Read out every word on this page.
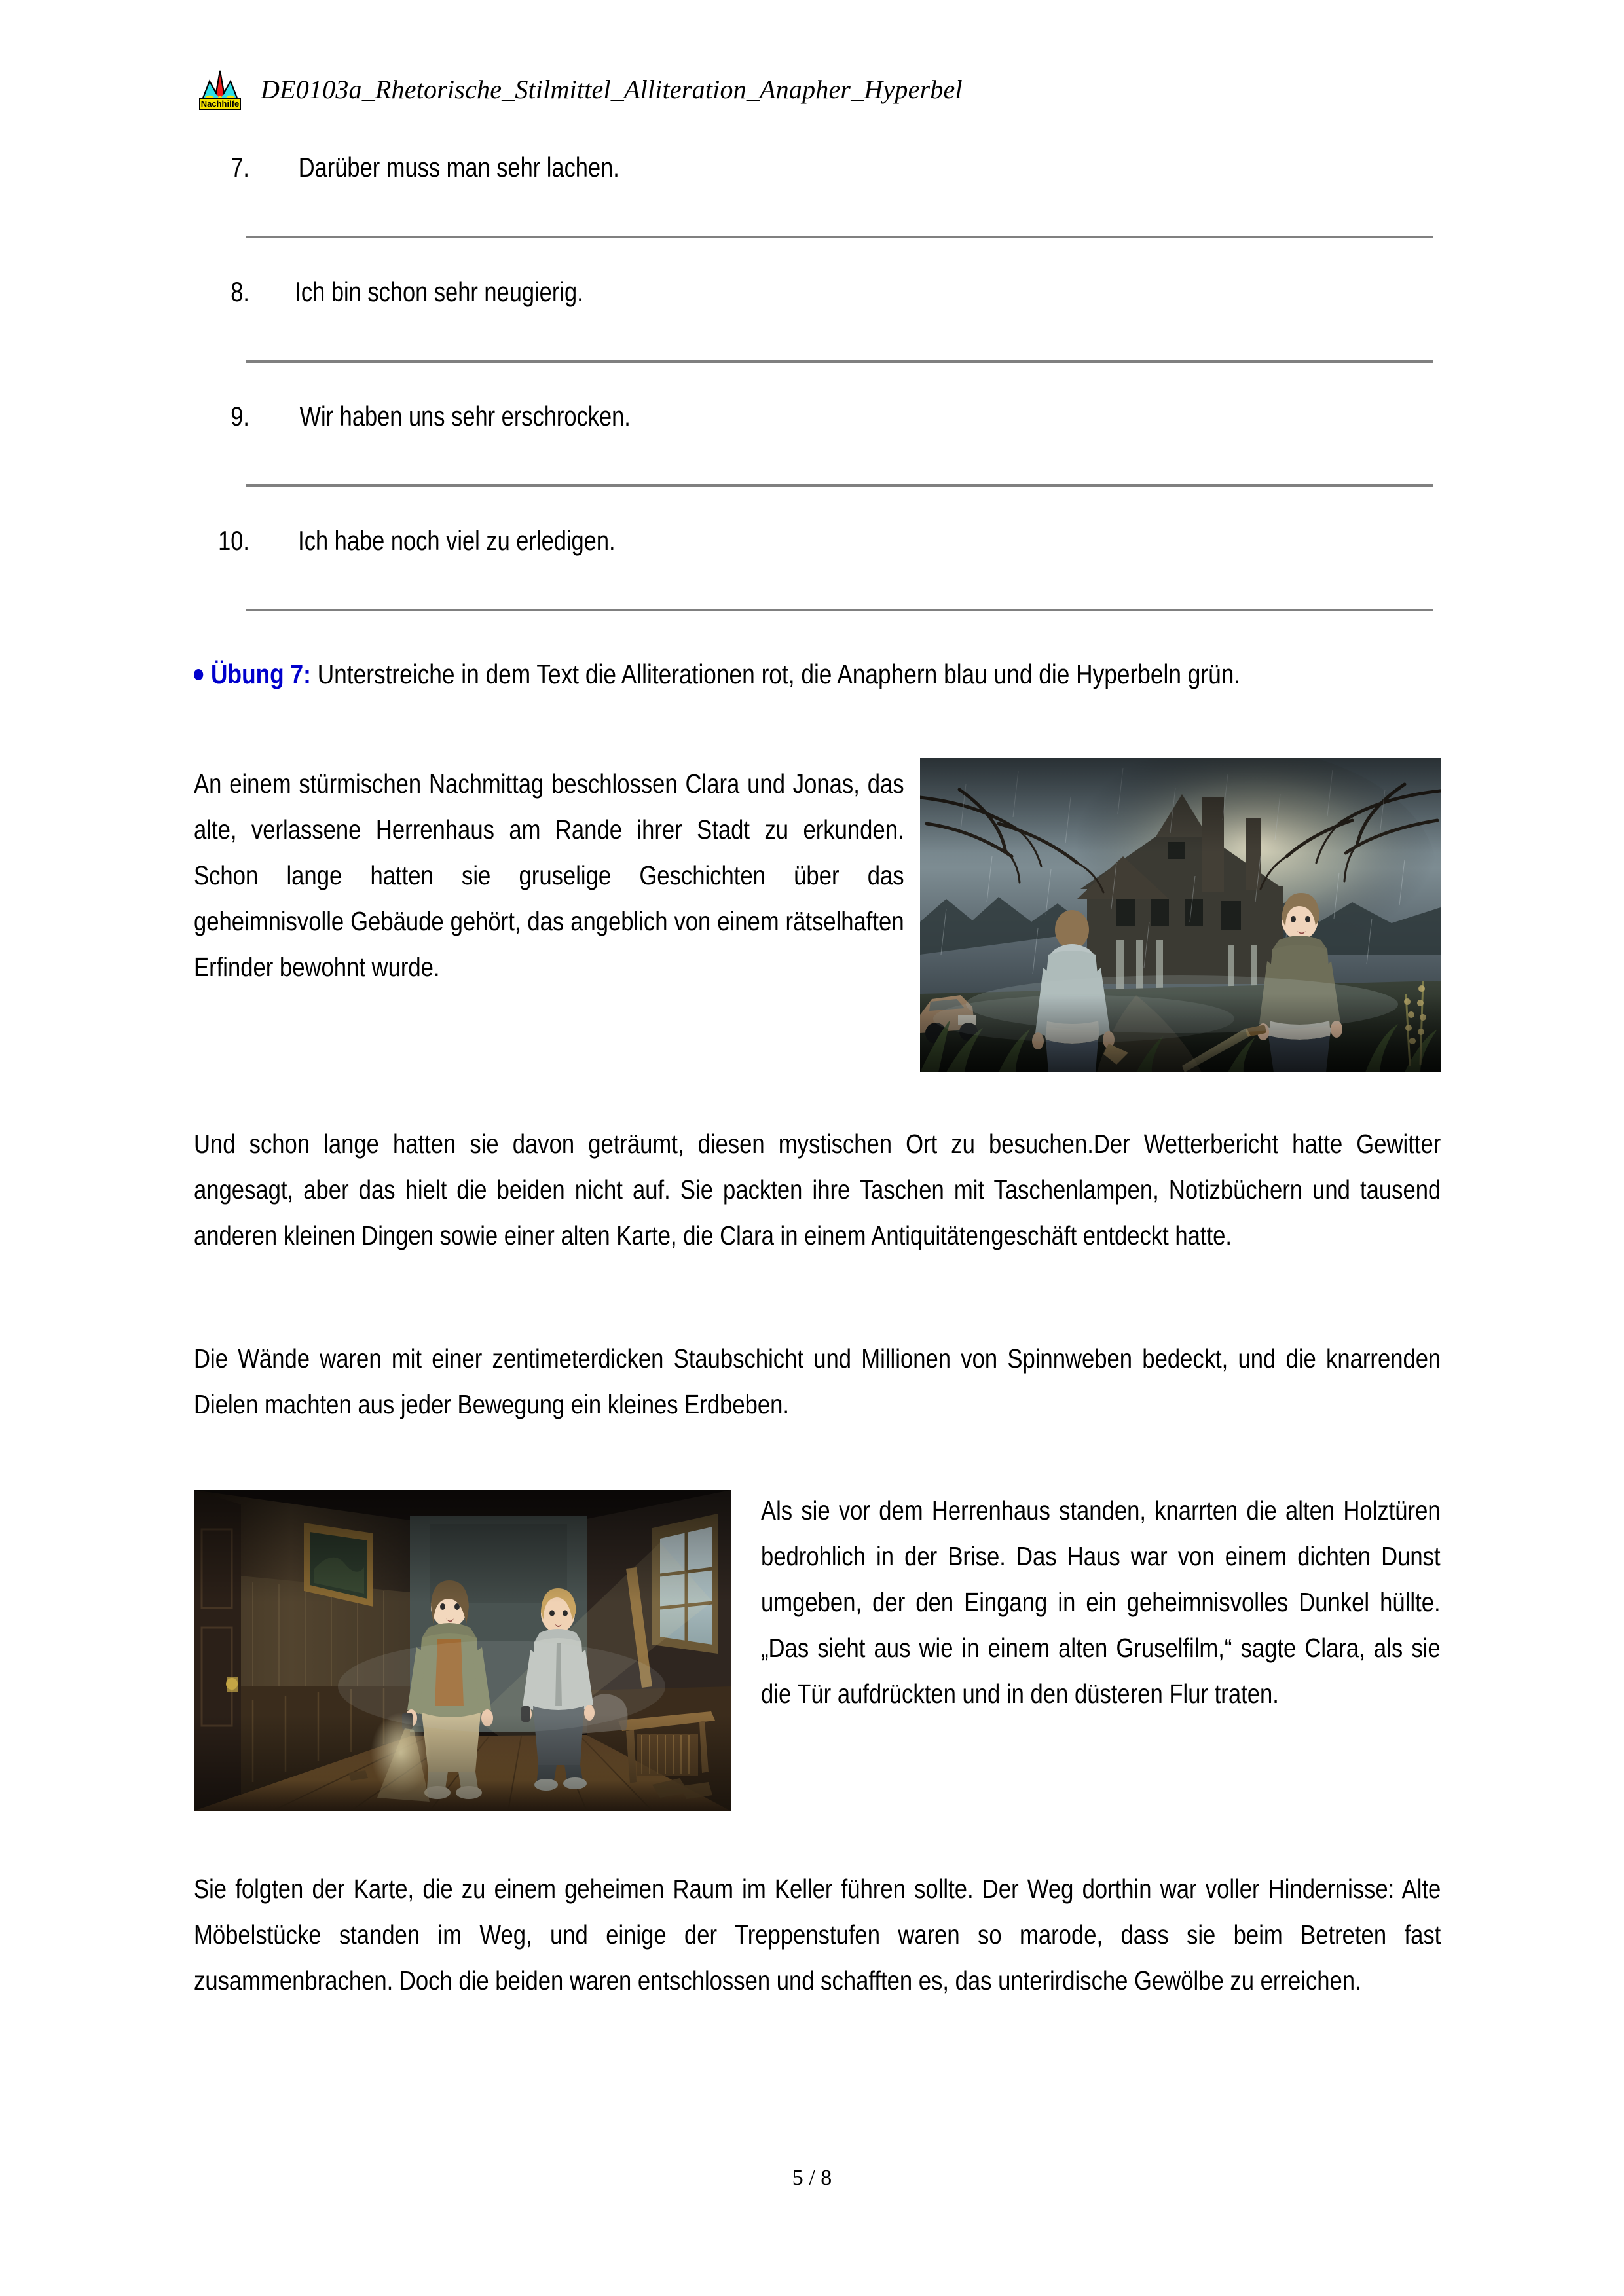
Nachhilfe DE0103a_Rhetorische_Stilmittel_Alliteration_Anapher_Hyperbel
7. Darüber muss man sehr lachen.
8. Ich bin schon sehr neugierig.
9. Wir haben uns sehr erschrocken.
10. Ich habe noch viel zu erledigen.
Übung 7: Unterstreiche in dem Text die Alliterationen rot, die Anaphern blau und die Hyperbeln grün.
An einem stürmischen Nachmittag beschlossen Clara und Jonas, das alte, verlassene Herrenhaus am Rande ihrer Stadt zu erkunden. Schon lange hatten sie gruselige Geschichten über das geheimnisvolle Gebäude gehört, das angeblich von einem rätselhaften Erfinder bewohnt wurde.
Und schon lange hatten sie davon geträumt, diesen mystischen Ort zu besuchen.Der Wetterbericht hatte Gewitter angesagt, aber das hielt die beiden nicht auf. Sie packten ihre Taschen mit Taschenlampen, Notizbüchern und tausend anderen kleinen Dingen sowie einer alten Karte, die Clara in einem Antiquitätengeschäft entdeckt hatte.
Die Wände waren mit einer zentimeterdicken Staubschicht und Millionen von Spinnweben bedeckt, und die knarrenden Dielen machten aus jeder Bewegung ein kleines Erdbeben.
Als sie vor dem Herrenhaus standen, knarrten die alten Holztüren bedrohlich in der Brise. Das Haus war von einem dichten Dunst umgeben, der den Eingang in ein geheimnisvolles Dunkel hüllte. „Das sieht aus wie in einem alten Gruselfilm,“ sagte Clara, als sie die Tür aufdrückten und in den düsteren Flur traten.
Sie folgten der Karte, die zu einem geheimen Raum im Keller führen sollte. Der Weg dorthin war voller Hindernisse: Alte Möbelstücke standen im Weg, und einige der Treppenstufen waren so marode, dass sie beim Betreten fast zusammenbrachen. Doch die beiden waren entschlossen und schafften es, das unterirdische Gewölbe zu erreichen.
5 / 8
